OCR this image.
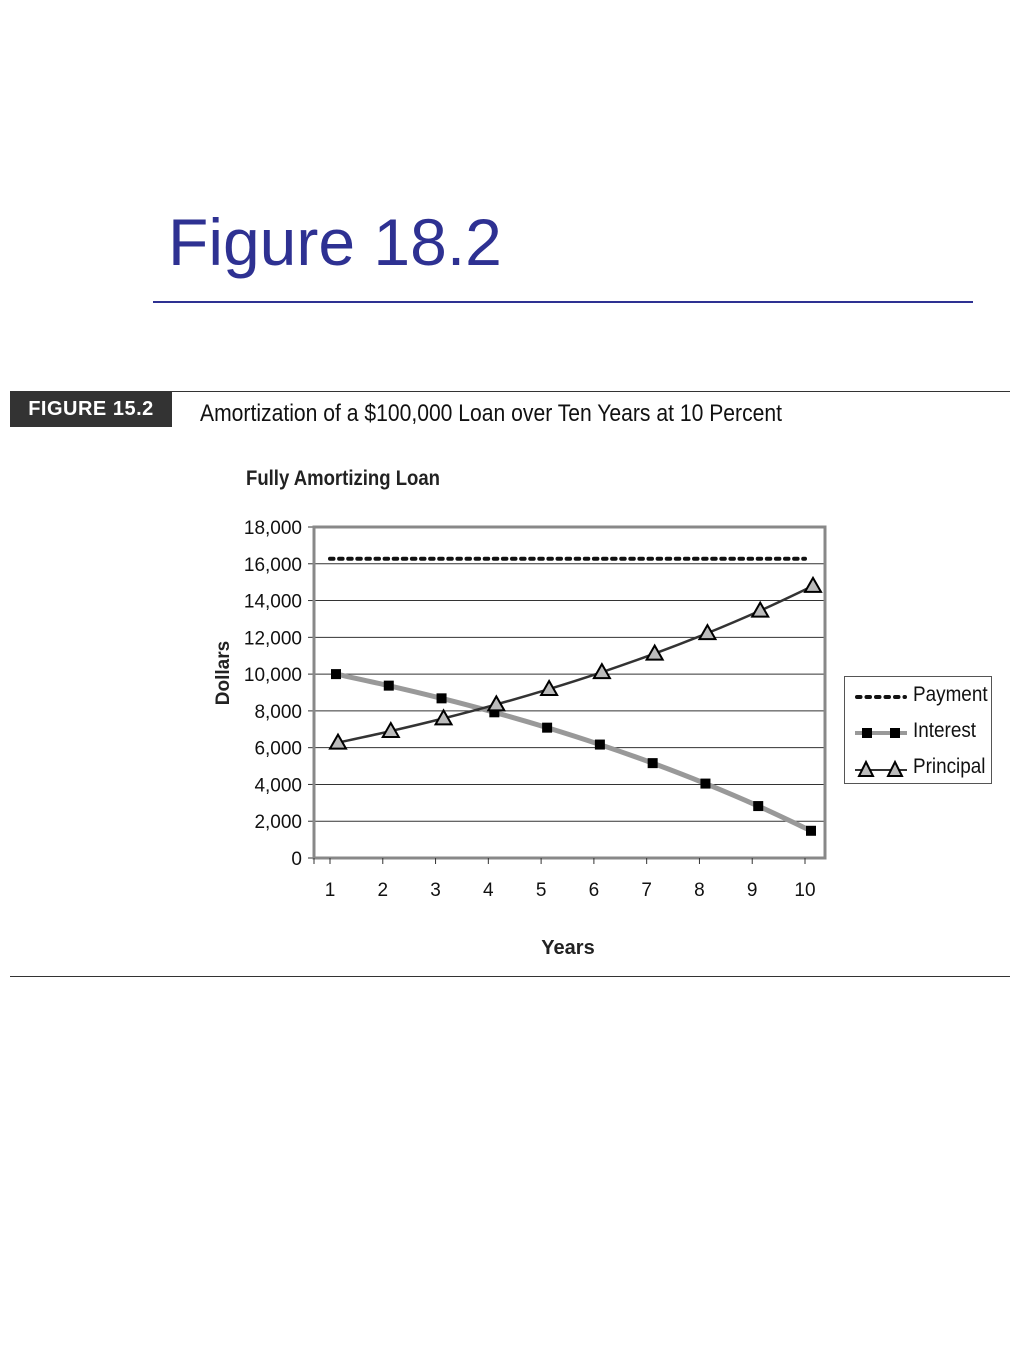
Figure 18.2
FIGURE 15.2	Amortization of a $100,000 Loan over Ten Years at 10 Percent
Fully Amortizing Loan
0
2,000
4,000
6,000
8,000
10,000
12,000
14,000
16,000
18,000
1 2 3 4 5 6 7 8 9 10
Years
Dollars	Payment
Interest
Principal
